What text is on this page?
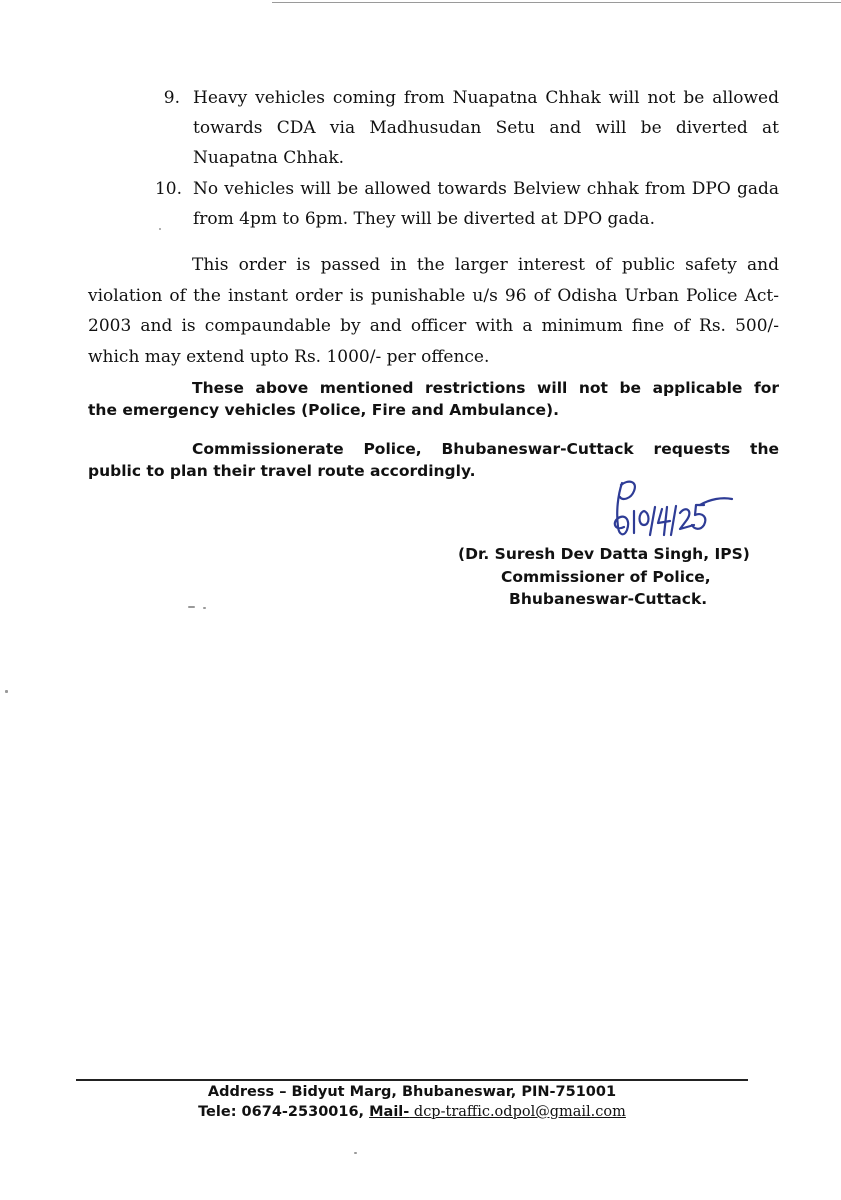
9. Heavy vehicles coming from Nuapatna Chhak will not be allowed
towards CDA via Madhusudan Setu and will be diverted at
Nuapatna Chhak.
10. No vehicles will be allowed towards Belview chhak from DPO gada
from 4pm to 6pm. They will be diverted at DPO gada.
This order is passed in the larger interest of public safety and
violation of the instant order is punishable u/s 96 of Odisha Urban Police Act-
2003 and is compaundable by and officer with a minimum fine of Rs. 500/-
which may extend upto Rs. 1000/- per offence.
These above mentioned restrictions will not be applicable for
the emergency vehicles (Police, Fire and Ambulance).
Commissionerate Police, Bhubaneswar-Cuttack requests the
public to plan their travel route accordingly.
(Dr. Suresh Dev Datta Singh, IPS)
Commissioner of Police,
Bhubaneswar-Cuttack.
Address – Bidyut Marg, Bhubaneswar, PIN-751001
Tele: 0674-2530016, Mail- dcp-traffic.odpol@gmail.com
